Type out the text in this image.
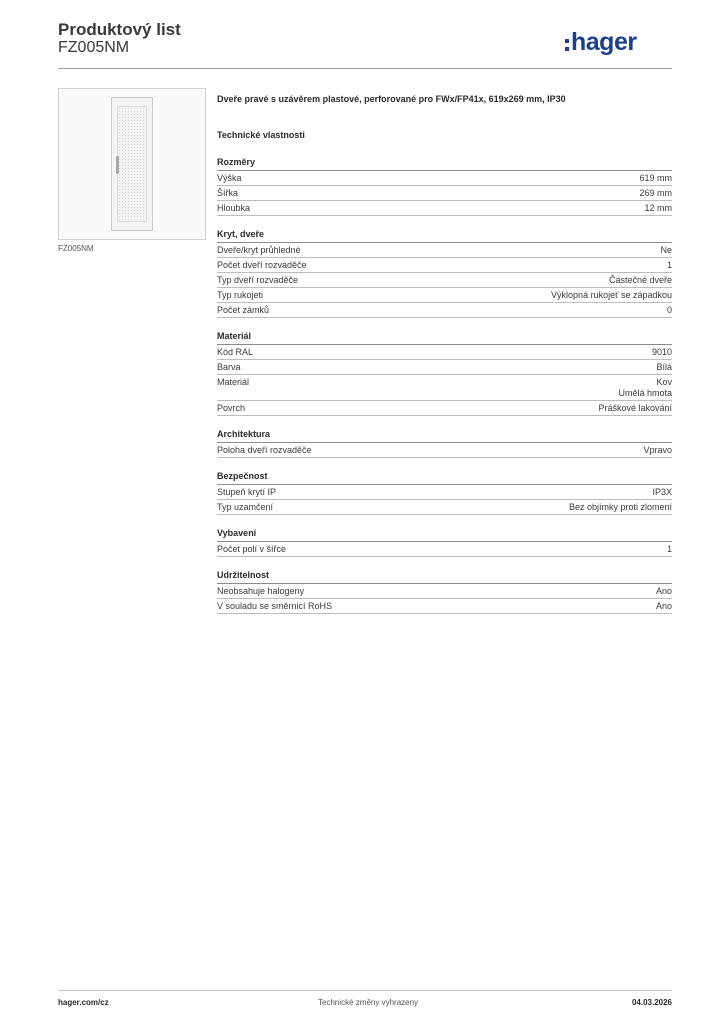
Produktový list
FZ005NM	hager
FZ005NM

Dveře pravé s uzávěrem plastové, perforované pro FWx/FP41x, 619x269 mm, IP30

Technické vlastnosti
Rozměry
Výška	619 mm
Šířka	269 mm
Hloubka	12 mm
Kryt, dveře
Dveře/kryt průhledné	Ne
Počet dveří rozvaděče	1
Typ dveří rozvaděče	Částečné dveře
Typ rukojeti	Výklopná rukojeť se západkou
Počet zámků	0
Materiál
Kód RAL	9010
Barva	Bílá
Materiál	Kov
Umělá hmota
Povrch	Práškové lakování
Architektura
Poloha dveří rozvaděče	Vpravo
Bezpečnost
Stupeň krytí IP	IP3X
Typ uzamčení	Bez objímky proti zlomení
Vybavení
Počet polí v šířce	1
Udržitelnost
Neobsahuje halogeny	Ano
V souladu se směrnicí RoHS	Ano
hager.com/cz	Technické změny vyhrazeny	04.03.2026
